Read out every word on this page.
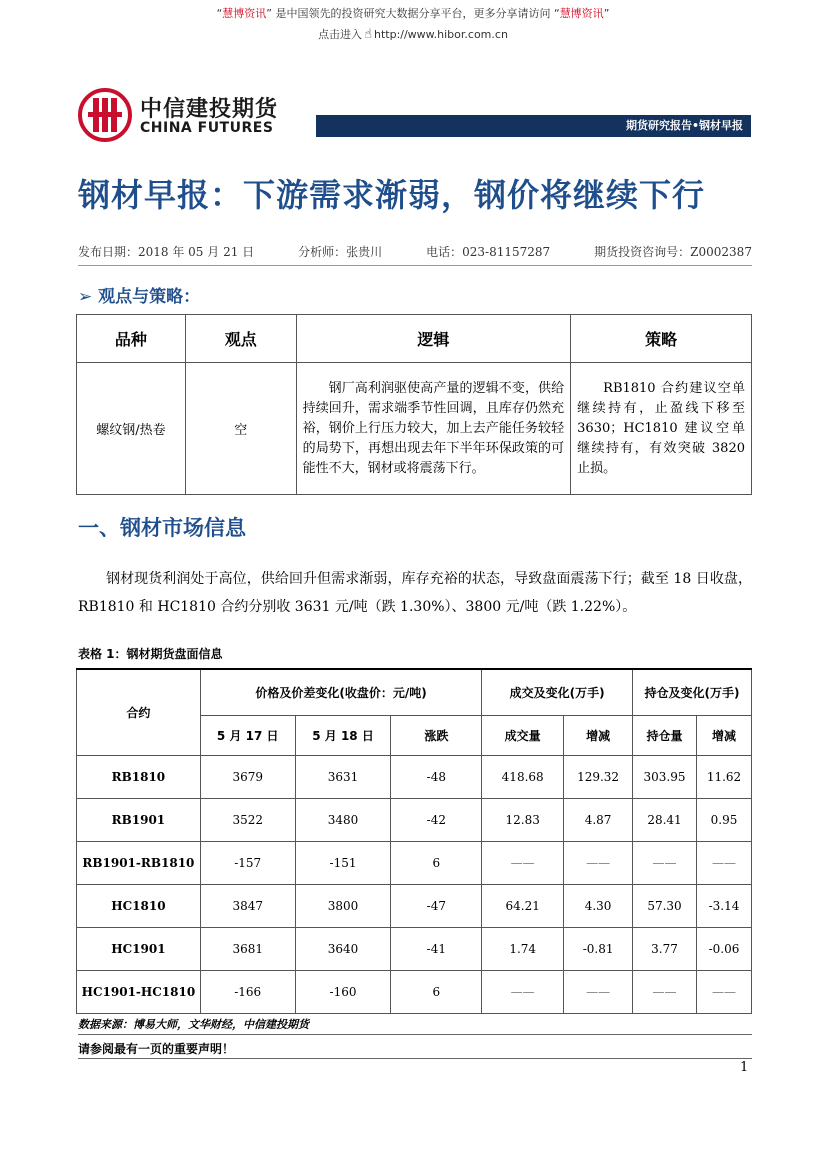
“慧博资讯” 是中国领先的投资研究大数据分享平台，更多分享请访问 “慧博资讯”
点击进入 ☝ http://www.hibor.com.cn
中信建投期货
CHINA FUTURES	期货研究报告•钢材早报
钢材早报：下游需求渐弱，钢价将继续下行
发布日期：2018 年 05 月 21 日	分析师：张贵川	电话：023-81157287	期货投资咨询号：Z0002387
➢ 观点与策略：
品种	观点	逻辑	策略
螺纹钢/热卷	空	钢厂高利润驱使高产量的逻辑不变，供给持续回升，需求端季节性回调，且库存仍然充裕，钢价上行压力较大，加上去产能任务较轻的局势下，再想出现去年下半年环保政策的可能性不大，钢材或将震荡下行。	RB1810 合约建议空单继续持有，止盈线下移至 3630；HC1810 建议空单继续持有，有效突破 3820 止损。
一、钢材市场信息
钢材现货利润处于高位，供给回升但需求渐弱，库存充裕的状态，导致盘面震荡下行；截至 18 日收盘，RB1810 和 HC1810 合约分别收 3631 元/吨（跌 1.30%）、3800 元/吨（跌 1.22%）。
表格 1：钢材期货盘面信息
合约	价格及价差变化(收盘价：元/吨)			成交及变化(万手)		持仓及变化(万手)	
	5 月 17 日	5 月 18 日	涨跌	成交量	增减	持仓量	增减
RB1810	3679	3631	-48	418.68	129.32	303.95	11.62
RB1901	3522	3480	-42	12.83	4.87	28.41	0.95
RB1901-RB1810	-157	-151	6	——	——	——	——
HC1810	3847	3800	-47	64.21	4.30	57.30	-3.14
HC1901	3681	3640	-41	1.74	-0.81	3.77	-0.06
HC1901-HC1810	-166	-160	6	——	——	——	——
数据来源：博易大师，文华财经，中信建投期货
请参阅最有一页的重要声明！
1
